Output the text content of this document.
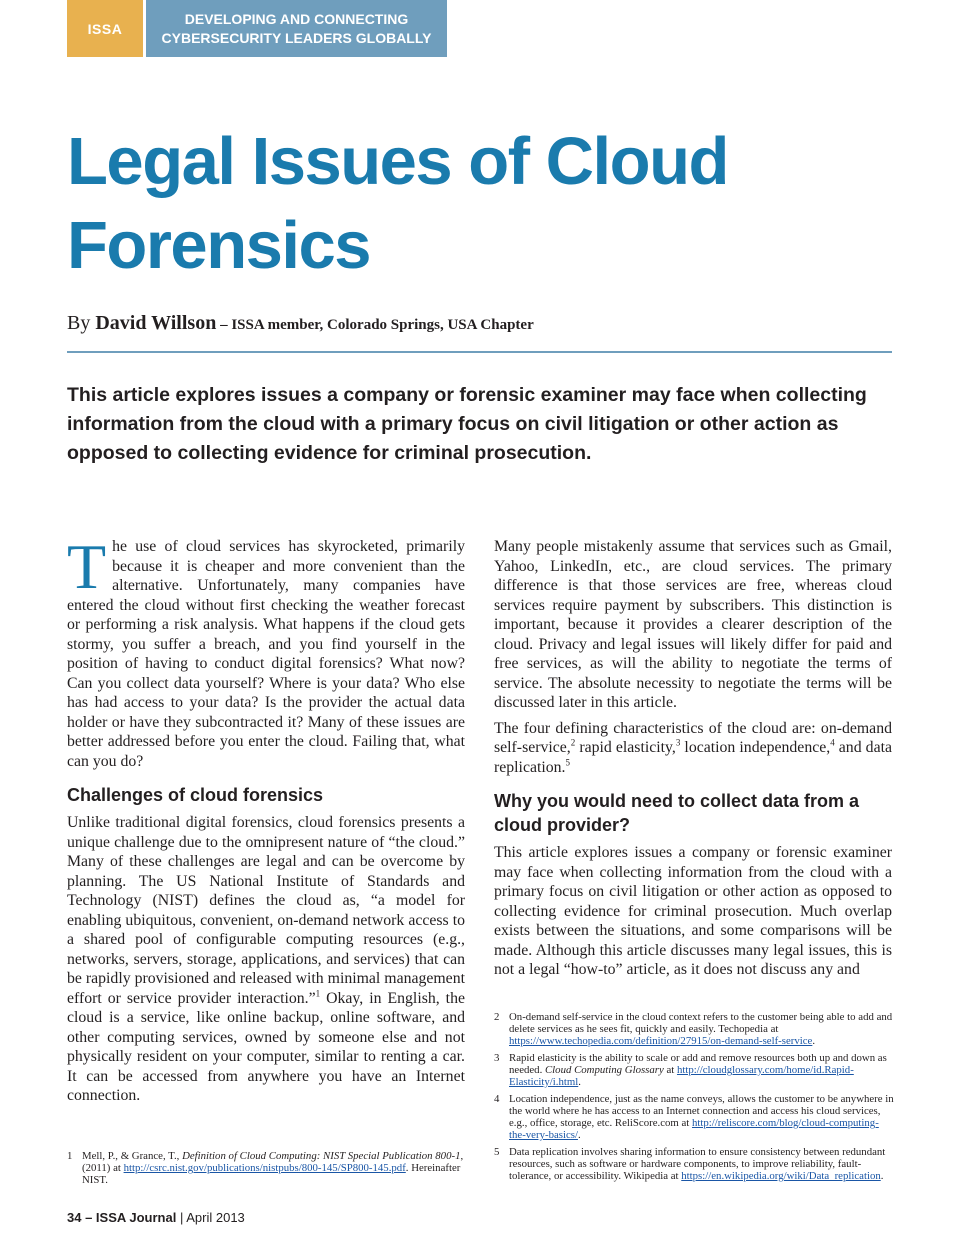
ISSA
DEVELOPING AND CONNECTING
CYBERSECURITY LEADERS GLOBALLY
Legal Issues of Cloud
Forensics
By David Willson – ISSA member, Colorado Springs, USA Chapter
This article explores issues a company or forensic examiner may face when collecting information from the cloud with a primary focus on civil litigation or other action as opposed to collecting evidence for criminal prosecution.

The use of cloud services has skyrocketed, primarily because it is cheaper and more convenient than the alternative. Unfortunately, many companies have entered the cloud without first checking the weather forecast or performing a risk analysis. What happens if the cloud gets stormy, you suffer a breach, and you find yourself in the position of having to conduct digital forensics? What now? Can you collect data yourself? Where is your data? Who else has had access to your data? Is the provider the actual data holder or have they subcontracted it? Many of these issues are better addressed before you enter the cloud. Failing that, what can you do?

Challenges of cloud forensics

Unlike traditional digital forensics, cloud forensics presents a unique challenge due to the omnipresent nature of “the cloud.” Many of these challenges are legal and can be overcome by planning. The US National Institute of Standards and Technology (NIST) defines the cloud as, “a model for enabling ubiquitous, convenient, on-demand network access to a shared pool of configurable computing resources (e.g., networks, servers, storage, applications, and services) that can be rapidly provisioned and released with minimal management effort or service provider interaction.”$^1$ Okay, in English, the cloud is a service, like online backup, online software, and other computing services, owned by someone else and not physically resident on your computer, similar to renting a car. It can be accessed from anywhere you have an Internet connection.

Many people mistakenly assume that services such as Gmail, Yahoo, LinkedIn, etc., are cloud services. The primary difference is that those services are free, whereas cloud services require payment by subscribers. This distinction is important, because it provides a clearer description of the cloud. Privacy and legal issues will likely differ for paid and free services, as will the ability to negotiate the terms of service. The absolute necessity to negotiate the terms will be discussed later in this article.

The four defining characteristics of the cloud are: on-demand self-service,$^2$ rapid elasticity,$^3$ location independence,$^4$ and data replication.$^5$

Why you would need to collect data from a cloud provider?

This article explores issues a company or forensic examiner may face when collecting information from the cloud with a primary focus on civil litigation or other action as opposed to collecting evidence for criminal prosecution. Much overlap exists between the situations, and some comparisons will be made. Although this article discusses many legal issues, this is not a legal “how-to” article, as it does not discuss any and

1 Mell, P., & Grance, T., Definition of Cloud Computing: NIST Special Publication 800-1, (2011) at http://csrc.nist.gov/publications/nistpubs/800-145/SP800-145.pdf. Hereinafter NIST.
2 On-demand self-service in the cloud context refers to the customer being able to add and delete services as he sees fit, quickly and easily. Techopedia at https://www.techopedia.com/definition/27915/on-demand-self-service.
3 Rapid elasticity is the ability to scale or add and remove resources both up and down as needed. Cloud Computing Glossary at http://cloudglossary.com/home/id.Rapid-Elasticity/i.html.
4 Location independence, just as the name conveys, allows the customer to be anywhere in the world where he has access to an Internet connection and access his cloud services, e.g., office, storage, etc. ReliScore.com at http://reliscore.com/blog/cloud-computing-the-very-basics/.
5 Data replication involves sharing information to ensure consistency between redundant resources, such as software or hardware components, to improve reliability, fault-tolerance, or accessibility. Wikipedia at https://en.wikipedia.org/wiki/Data_replication.
34 – ISSA Journal | April 2013
